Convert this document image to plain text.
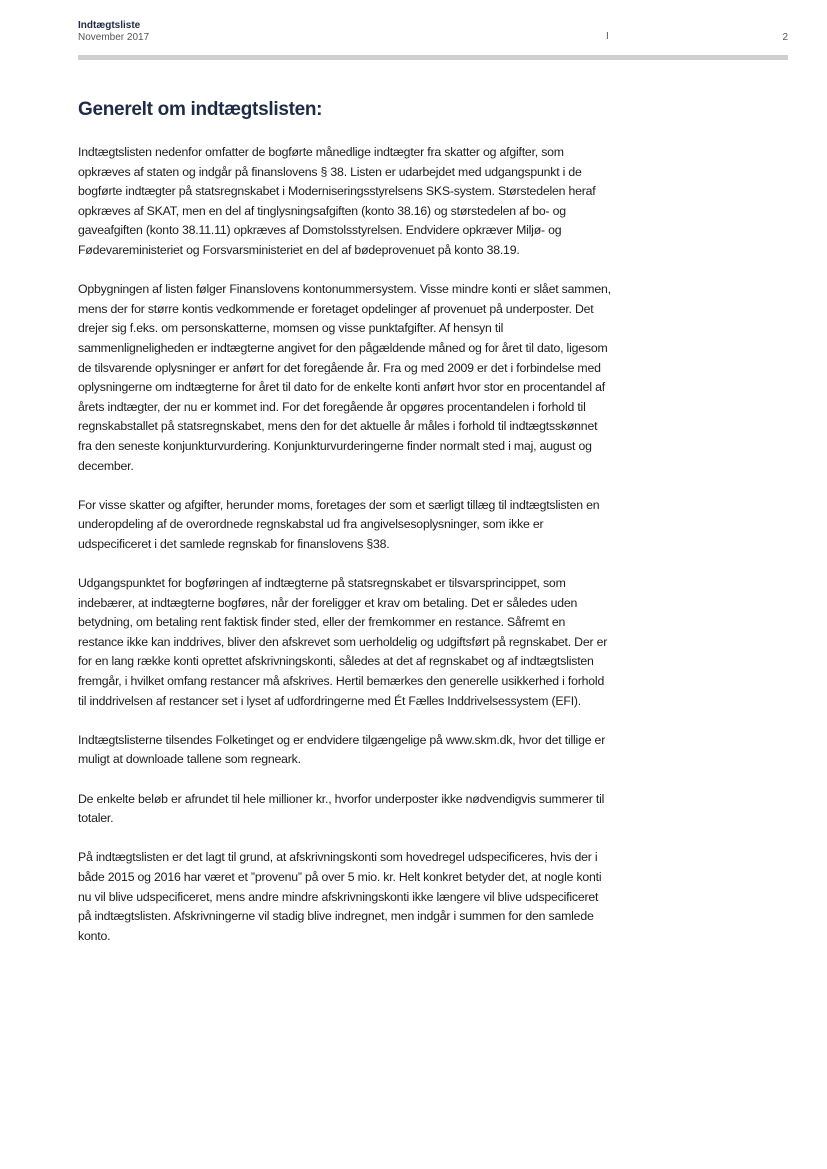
Indtægtsliste
November 2017	I	2
Generelt om indtægtslisten:

Indtægtslisten nedenfor omfatter de bogførte månedlige indtægter fra skatter og afgifter, som opkræves af staten og indgår på finanslovens § 38. Listen er udarbejdet med udgangspunkt i de bogførte indtægter på statsregnskabet i Moderniseringsstyrelsens SKS-system. Størstedelen heraf opkræves af SKAT, men en del af tinglysningsafgiften (konto 38.16) og størstedelen af bo- og gaveafgiften (konto 38.11.11) opkræves af Domstolsstyrelsen. Endvidere opkræver Miljø- og Fødevareministeriet og Forsvarsministeriet en del af bødeprovenuet på konto 38.19.

Opbygningen af listen følger Finanslovens kontonummersystem. Visse mindre konti er slået sammen, mens der for større kontis vedkommende er foretaget opdelinger af provenuet på underposter. Det drejer sig f.eks. om personskatterne, momsen og visse punktafgifter. Af hensyn til sammenligneligheden er indtægterne angivet for den pågældende måned og for året til dato, ligesom de tilsvarende oplysninger er anført for det foregående år. Fra og med 2009 er det i forbindelse med oplysningerne om indtægterne for året til dato for de enkelte konti anført hvor stor en procentandel af årets indtægter, der nu er kommet ind. For det foregående år opgøres procentandelen i forhold til regnskabstallet på statsregnskabet, mens den for det aktuelle år måles i forhold til indtægtsskønnet fra den seneste konjunkturvurdering. Konjunkturvurderingerne finder normalt sted i maj, august og december.

For visse skatter og afgifter, herunder moms, foretages der som et særligt tillæg til indtægtslisten en underopdeling af de overordnede regnskabstal ud fra angivelsesoplysninger, som ikke er udspecificeret i det samlede regnskab for finanslovens §38.

Udgangspunktet for bogføringen af indtægterne på statsregnskabet er tilsvarsprincippet, som indebærer, at indtægterne bogføres, når der foreligger et krav om betaling. Det er således uden betydning, om betaling rent faktisk finder sted, eller der fremkommer en restance. Såfremt en restance ikke kan inddrives, bliver den afskrevet som uerholdelig og udgiftsført på regnskabet. Der er for en lang række konti oprettet afskrivningskonti, således at det af regnskabet og af indtægtslisten fremgår, i hvilket omfang restancer må afskrives. Hertil bemærkes den generelle usikkerhed i forhold til inddrivelsen af restancer set i lyset af udfordringerne med Ét Fælles Inddrivelsessystem (EFI).

Indtægtslisterne tilsendes Folketinget og er endvidere tilgængelige på www.skm.dk, hvor det tillige er muligt at downloade tallene som regneark.

De enkelte beløb er afrundet til hele millioner kr., hvorfor underposter ikke nødvendigvis summerer til totaler.

På indtægtslisten er det lagt til grund, at afskrivningskonti som hovedregel udspecificeres, hvis der i både 2015 og 2016 har været et ”provenu” på over 5 mio. kr. Helt konkret betyder det, at nogle konti nu vil blive udspecificeret, mens andre mindre afskrivningskonti ikke længere vil blive udspecificeret på indtægtslisten. Afskrivningerne vil stadig blive indregnet, men indgår i summen for den samlede konto.
